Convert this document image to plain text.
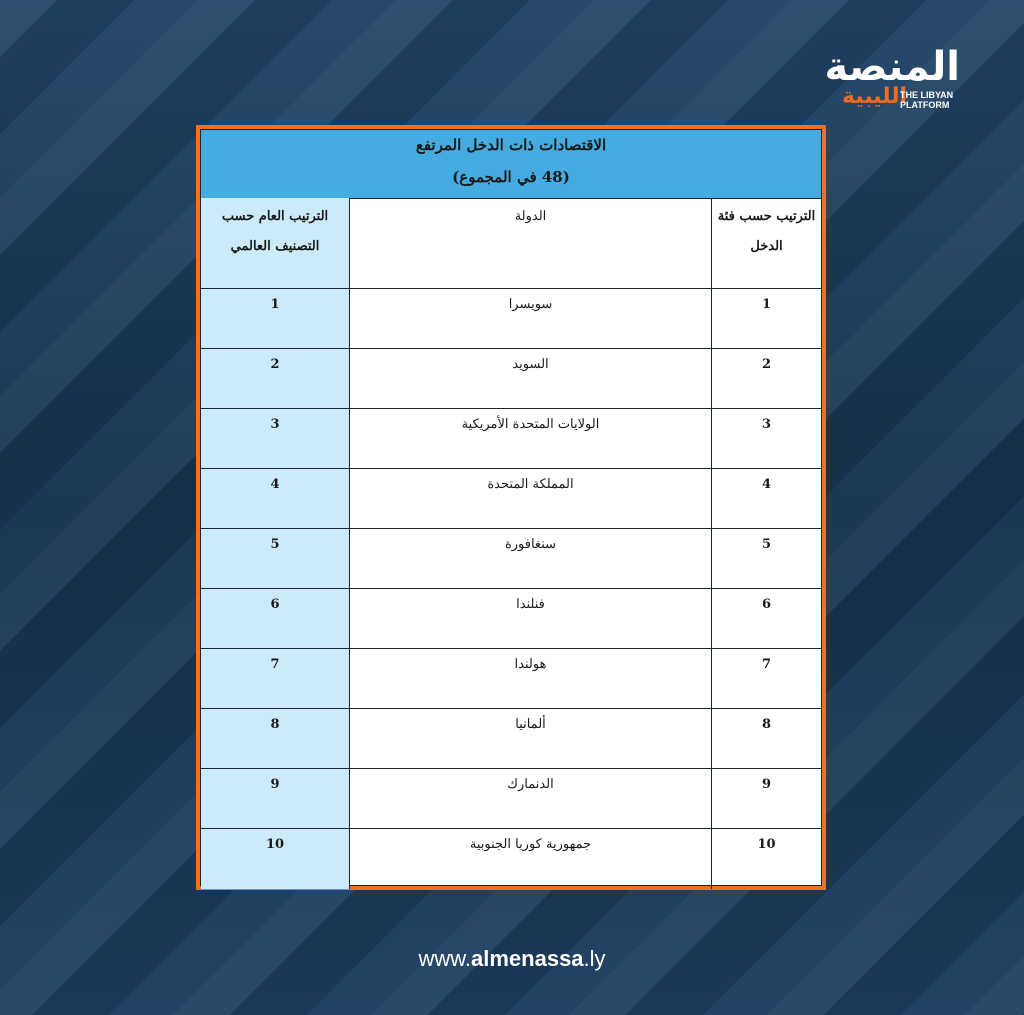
المنصة
الليبية
THE LIBYAN
PLATFORM
الاقتصادات ذات الدخل المرتفع
(48 في المجموع)
الترتيب حسب فئة الدخل
الدولة
الترتيب العام حسب التصنيف العالمي
1
سويسرا
1
2
السويد
2
3
الولايات المتحدة الأمريكية
3
4
المملكة المتحدة
4
5
سنغافورة
5
6
فنلندا
6
7
هولندا
7
8
ألمانيا
8
9
الدنمارك
9
10
جمهورية كوريا الجنوبية
10
www.almenassa.ly
